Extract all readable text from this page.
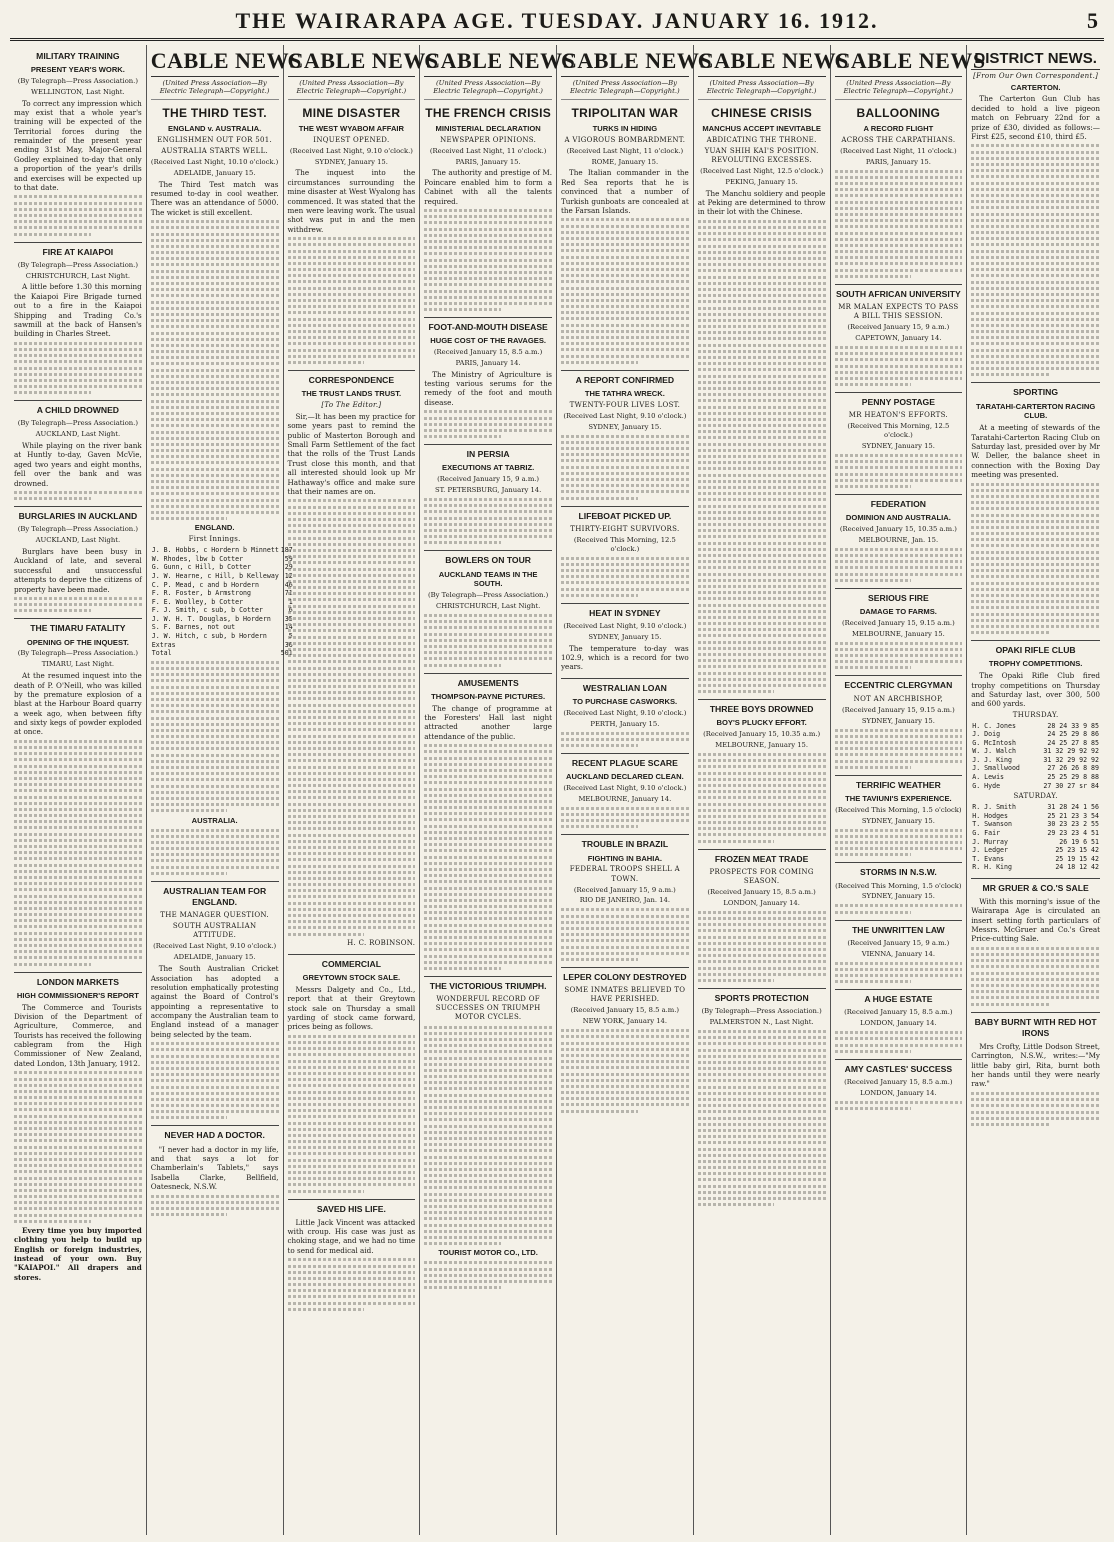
THE WAIRARAPA AGE. TUESDAY. JANUARY 16. 1912.	5
MILITARY TRAINING
PRESENT YEAR'S WORK.
(By Telegraph—Press Association.)
WELLINGTON, Last Night.

To correct any impression which may exist that a whole year's training will be expected of the Territorial forces during the remainder of the present year ending 31st May, Major-General Godley explained to-day that only a proportion of the year's drills and exercises will be expected up to that date.

FIRE AT KAIAPOI
(By Telegraph—Press Association.)
CHRISTCHURCH, Last Night.

A little before 1.30 this morning the Kaiapoi Fire Brigade turned out to a fire in the Kaiapoi Shipping and Trading Co.'s sawmill at the back of Hansen's building in Charles Street.

A CHILD DROWNED
(By Telegraph—Press Association.)
AUCKLAND, Last Night.

While playing on the river bank at Huntly to-day, Gaven McVie, aged two years and eight months, fell over the bank and was drowned.

BURGLARIES IN AUCKLAND
(By Telegraph—Press Association.)
AUCKLAND, Last Night.

Burglars have been busy in Auckland of late, and several successful and unsuccessful attempts to deprive the citizens of property have been made.

THE TIMARU FATALITY
OPENING OF THE INQUEST.
(By Telegraph—Press Association.)
TIMARU, Last Night.

At the resumed inquest into the death of P. O'Neill, who was killed by the premature explosion of a blast at the Harbour Board quarry a week ago, when between fifty and sixty kegs of powder exploded at once.

LONDON MARKETS
HIGH COMMISSIONER'S REPORT

The Commerce and Tourists Division of the Department of Agriculture, Commerce, and Tourists has received the following cablegram from the High Commissioner of New Zealand, dated London, 13th January, 1912.

Every time you buy imported clothing you help to build up English or foreign industries, instead of your own. Buy "KAIAPOI." All drapers and stores.

CABLE NEWS
(United Press Association—By Electric Telegraph—Copyright.)
THE THIRD TEST.
ENGLAND v. AUSTRALIA.
ENGLISHMEN OUT FOR 501.
AUSTRALIA STARTS WELL.
(Received Last Night, 10.10 o'clock.)
ADELAIDE, January 15.

The Third Test match was resumed to-day in cool weather. There was an attendance of 5000. The wicket is still excellent.

ENGLAND.
First Innings.
J. B. Hobbs, c Hordern b Minnett	187
W. Rhodes, lbw b Cotter	59
G. Gunn, c Hill, b Cotter	29
J. W. Hearne, c Hill, b Kelleway	12
C. P. Mead, c and b Hordern	46
F. R. Foster, b Armstrong	71
F. E. Woolley, b Cotter	1
F. J. Smith, c sub, b Cotter	6
J. W. H. T. Douglas, b Hordern	35
S. F. Barnes, not out	14
J. W. Hitch, c sub, b Hordern	5
Extras	36
Total	501
AUSTRALIA.
AUSTRALIAN TEAM FOR ENGLAND.
THE MANAGER QUESTION.
SOUTH AUSTRALIAN ATTITUDE.
(Received Last Night, 9.10 o'clock.)
ADELAIDE, January 15.

The South Australian Cricket Association has adopted a resolution emphatically protesting against the Board of Control's appointing a representative to accompany the Australian team to England instead of a manager being selected by the team.

NEVER HAD A DOCTOR.

"I never had a doctor in my life, and that says a lot for Chamberlain's Tablets," says Isabella Clarke, Bellfield, Oatesneck, N.S.W.

CABLE NEWS
(United Press Association—By Electric Telegraph—Copyright.)
MINE DISASTER
THE WEST WYABOM AFFAIR
INQUEST OPENED.
(Received Last Night, 9.10 o'clock.)
SYDNEY, January 15.

The inquest into the circumstances surrounding the mine disaster at West Wyalong has commenced. It was stated that the men were leaving work. The usual shot was put in and the men withdrew.

CORRESPONDENCE
THE TRUST LANDS TRUST.
[To The Editor.]

Sir,—It has been my practice for some years past to remind the public of Masterton Borough and Small Farm Settlement of the fact that the rolls of the Trust Lands Trust close this month, and that all interested should look up Mr Hathaway's office and make sure that their names are on.

H. C. ROBINSON.
COMMERCIAL
GREYTOWN STOCK SALE.

Messrs Dalgety and Co., Ltd., report that at their Greytown stock sale on Thursday a small yarding of stock came forward, prices being as follows.

SAVED HIS LIFE.

Little Jack Vincent was attacked with croup. His case was just as choking stage, and we had no time to send for medical aid.

CABLE NEWS
(United Press Association—By Electric Telegraph—Copyright.)
THE FRENCH CRISIS
MINISTERIAL DECLARATION
NEWSPAPER OPINIONS.
(Received Last Night, 11 o'clock.)
PARIS, January 15.

The authority and prestige of M. Poincare enabled him to form a Cabinet with all the talents required.

FOOT-AND-MOUTH DISEASE
HUGE COST OF THE RAVAGES.
(Received January 15, 8.5 a.m.)
PARIS, January 14.

The Ministry of Agriculture is testing various serums for the remedy of the foot and mouth disease.

IN PERSIA
EXECUTIONS AT TABRIZ.
(Received January 15, 9 a.m.)
ST. PETERSBURG, January 14.
BOWLERS ON TOUR
AUCKLAND TEAMS IN THE SOUTH.
(By Telegraph—Press Association.)
CHRISTCHURCH, Last Night.
AMUSEMENTS
THOMPSON-PAYNE PICTURES.

The change of programme at the Foresters' Hall last night attracted another large attendance of the public.

THE VICTORIOUS TRIUMPH.
WONDERFUL RECORD OF SUCCESSES ON TRIUMPH MOTOR CYCLES.
TOURIST MOTOR CO., LTD.
CABLE NEWS
(United Press Association—By Electric Telegraph—Copyright.)
TRIPOLITAN WAR
TURKS IN HIDING
A VIGOROUS BOMBARDMENT.
(Received Last Night, 11 o'clock.)
ROME, January 15.

The Italian commander in the Red Sea reports that he is convinced that a number of Turkish gunboats are concealed at the Farsan Islands.

A REPORT CONFIRMED
THE TATHRA WRECK.
TWENTY-FOUR LIVES LOST.
(Received Last Night, 9.10 o'clock.)
SYDNEY, January 15.
LIFEBOAT PICKED UP.
THIRTY-EIGHT SURVIVORS.
(Received This Morning, 12.5 o'clock.)
HEAT IN SYDNEY
(Received Last Night, 9.10 o'clock.)
SYDNEY, January 15.

The temperature to-day was 102.9, which is a record for two years.

WESTRALIAN LOAN
TO PURCHASE CASWORKS.
(Received Last Night, 9.10 o'clock.)
PERTH, January 15.
RECENT PLAGUE SCARE
AUCKLAND DECLARED CLEAN.
(Received Last Night, 9.10 o'clock.)
MELBOURNE, January 14.
TROUBLE IN BRAZIL
FIGHTING IN BAHIA.
FEDERAL TROOPS SHELL A TOWN.
(Received January 15, 9 a.m.)
RIO DE JANEIRO, Jan. 14.
LEPER COLONY DESTROYED
SOME INMATES BELIEVED TO HAVE PERISHED.
(Received January 15, 8.5 a.m.)
NEW YORK, January 14.
CABLE NEWS
(United Press Association—By Electric Telegraph—Copyright.)
CHINESE CRISIS
MANCHUS ACCEPT INEVITABLE
ABDICATING THE THRONE.
YUAN SHIH KAI'S POSITION. REVOLUTING EXCESSES.
(Received Last Night, 12.5 o'clock.)
PEKING, January 15.

The Manchu soldiery and people at Peking are determined to throw in their lot with the Chinese.

THREE BOYS DROWNED
BOY'S PLUCKY EFFORT.
(Received January 15, 10.35 a.m.)
MELBOURNE, January 15.
FROZEN MEAT TRADE
PROSPECTS FOR COMING SEASON.
(Received January 15, 8.5 a.m.)
LONDON, January 14.
SPORTS PROTECTION
(By Telegraph—Press Association.)
PALMERSTON N., Last Night.
CABLE NEWS
(United Press Association—By Electric Telegraph—Copyright.)
BALLOONING
A RECORD FLIGHT
ACROSS THE CARPATHIANS.
(Received Last Night, 11 o'clock.)
PARIS, January 15.
SOUTH AFRICAN UNIVERSITY
MR MALAN EXPECTS TO PASS A BILL THIS SESSION.
(Received January 15, 9 a.m.)
CAPETOWN, January 14.
PENNY POSTAGE
MR HEATON'S EFFORTS.
(Received This Morning, 12.5 o'clock.)
SYDNEY, January 15.
FEDERATION
DOMINION AND AUSTRALIA.
(Received January 15, 10.35 a.m.)
MELBOURNE, Jan. 15.
SERIOUS FIRE
DAMAGE TO FARMS.
(Received January 15, 9.15 a.m.)
MELBOURNE, January 15.
ECCENTRIC CLERGYMAN
NOT AN ARCHBISHOP,
(Received January 15, 9.15 a.m.)
SYDNEY, January 15.
TERRIFIC WEATHER
THE TAVIUNI'S EXPERIENCE.
(Received This Morning, 1.5 o'clock)
SYDNEY, January 15.
STORMS IN N.S.W.
(Received This Morning, 1.5 o'clock)
SYDNEY, January 15.
THE UNWRITTEN LAW
(Received January 15, 9 a.m.)
VIENNA, January 14.
A HUGE ESTATE
(Received January 15, 8.5 a.m.)
LONDON, January 14.
AMY CASTLES' SUCCESS
(Received January 15, 8.5 a.m.)
LONDON, January 14.
DISTRICT NEWS.
[From Our Own Correspondent.]
CARTERTON.

The Carterton Gun Club has decided to hold a live pigeon match on February 22nd for a prize of £30, divided as follows:—First £25, second £10, third £5.

SPORTING
TARATAHI-CARTERTON RACING CLUB.

At a meeting of stewards of the Taratahi-Carterton Racing Club on Saturday last, presided over by Mr W. Deller, the balance sheet in connection with the Boxing Day meeting was presented.

OPAKI RIFLE CLUB
TROPHY COMPETITIONS.

The Opaki Rifle Club fired trophy competitions on Thursday and Saturday last, over 300, 500 and 600 yards.

THURSDAY.
H. C. Jones	28 24 33 9 85
J. Doig	24 25 29 8 86
G. McIntosh	24 25 27 8 85
W. J. Walch	31 32 29 92 92
J. J. King	31 32 29 92 92
J. Smallwood	27 26 26 8 89
A. Lewis	25 25 29 8 88
G. Hyde	27 30 27 sr 84
SATURDAY.
R. J. Smith	31 28 24 1 56
H. Hodges	25 21 23 3 54
T. Swanson	30 23 23 2 55
G. Fair	29 23 23 4 51
J. Murray	26 19 6 51
J. Ledger	25 23 15 42
T. Evans	25 19 15 42
R. H. King	24 18 12 42
MR GRUER & CO.'S SALE

With this morning's issue of the Wairarapa Age is circulated an insert setting forth particulars of Messrs. McGruer and Co.'s Great Price-cutting Sale.

BABY BURNT WITH RED HOT IRONS

Mrs Crofty, Little Dodson Street, Carrington, N.S.W., writes:—"My little baby girl, Rita, burnt both her hands until they were nearly raw."
